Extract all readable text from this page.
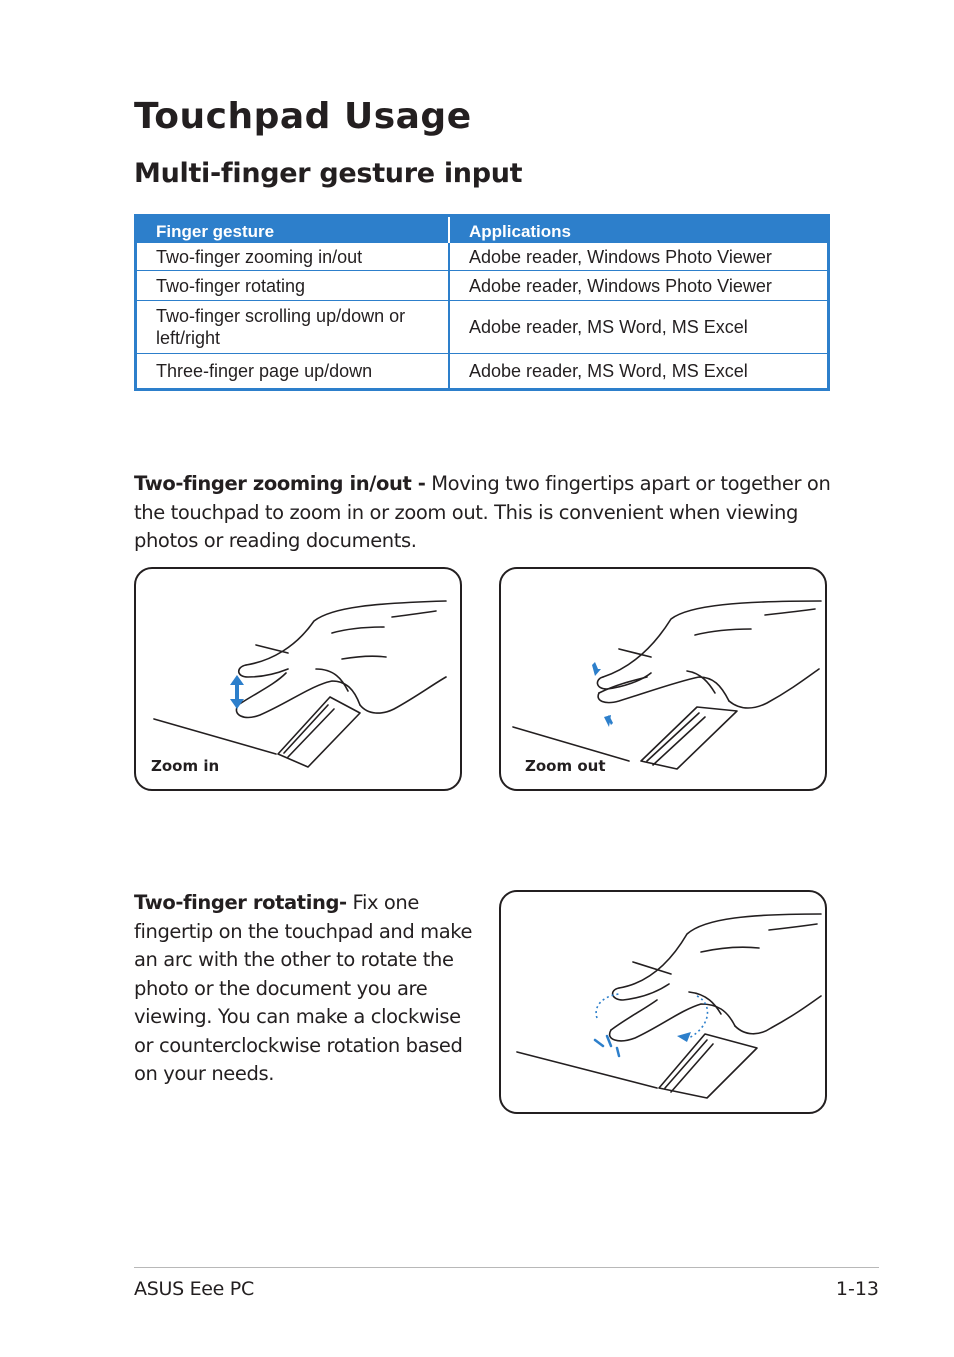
Touchpad Usage
Multi-finger gesture input
Finger gesture	Applications
Two-finger zooming in/out	Adobe reader, Windows Photo Viewer
Two-finger rotating	Adobe reader, Windows Photo Viewer
Two-finger scrolling up/down or left/right	Adobe reader, MS Word, MS Excel
Three-finger page up/down	Adobe reader, MS Word, MS Excel
Two-finger zooming in/out - Moving two fingertips apart or together on the touchpad to zoom in or zoom out. This is convenient when viewing photos or reading documents.
Zoom in	Zoom out
Two-finger rotating- Fix one fingertip on the touchpad and make an arc with the other to rotate the photo or the document you are viewing. You can make a clockwise or counterclockwise rotation based on your needs.
ASUS Eee PC	1-13
